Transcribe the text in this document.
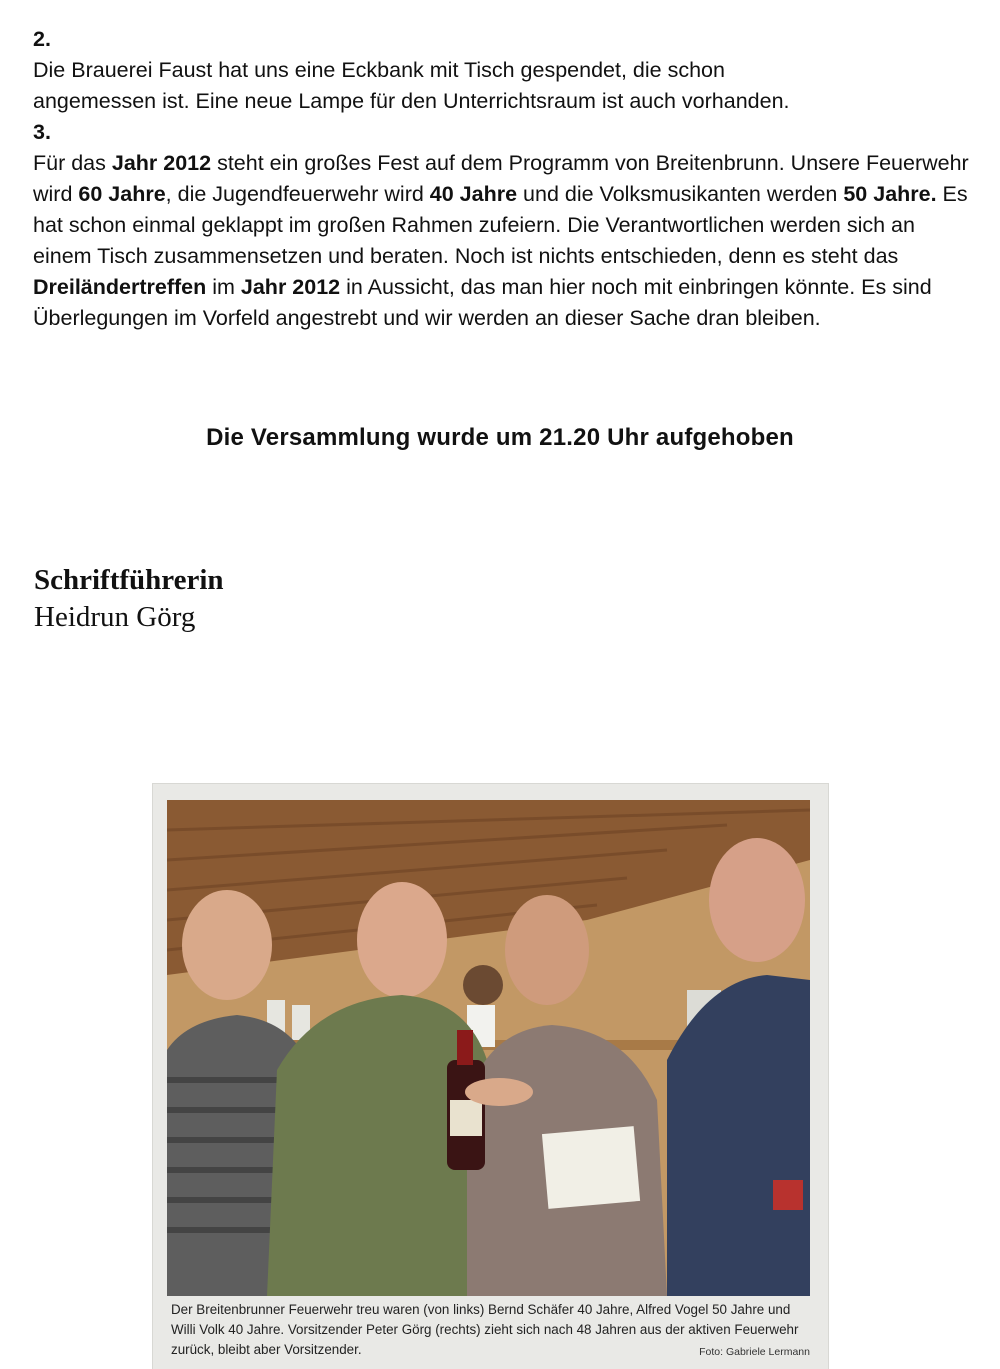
2.

Die Brauerei Faust hat uns eine Eckbank mit Tisch gespendet, die schon

angemessen ist. Eine neue Lampe für den Unterrichtsraum ist auch vorhanden.

3.

Für das Jahr 2012 steht ein großes Fest auf dem Programm von Breitenbrunn. Unsere Feuerwehr wird 60 Jahre, die Jugendfeuerwehr wird 40 Jahre und die Volksmusikanten werden 50 Jahre. Es hat schon einmal geklappt im großen Rahmen zufeiern. Die Verantwortlichen werden sich an einem Tisch zusammensetzen und beraten. Noch ist nichts entschieden, denn es steht das Dreiländertreffen im Jahr 2012 in Aussicht, das man hier noch mit einbringen könnte. Es sind Überlegungen im Vorfeld angestrebt und wir werden an dieser Sache dran bleiben.

Die Versammlung wurde um 21.20 Uhr aufgehoben
Schriftführerin
Heidrun Görg
Der Breitenbrunner Feuerwehr treu waren (von links) Bernd Schäfer 40 Jahre, Alfred Vogel 50 Jahre und Willi Volk 40 Jahre. Vorsitzender Peter Görg (rechts) zieht sich nach 48 Jahren aus der aktiven Feuerwehr zurück, bleibt aber Vorsitzender.	Foto: Gabriele Lermann
